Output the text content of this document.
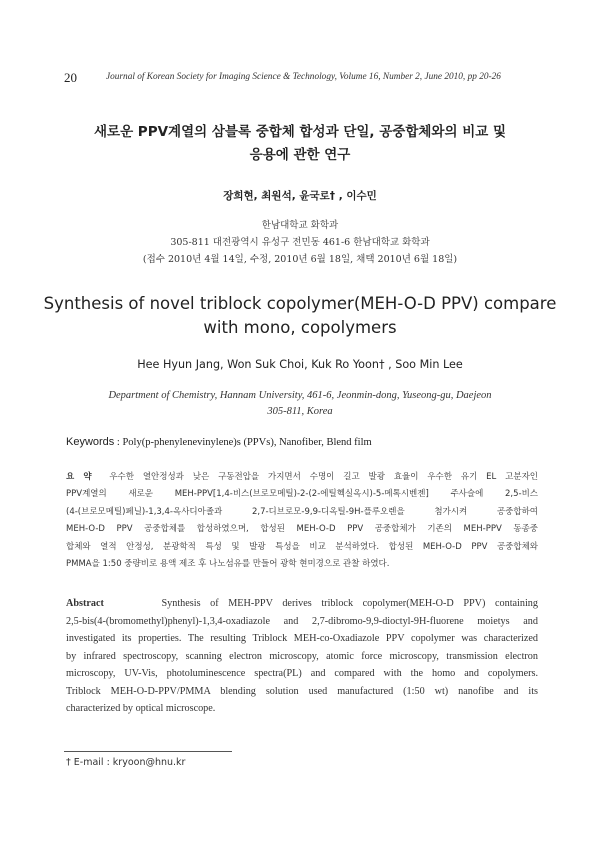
20	Journal of Korean Society for Imaging Science & Technology, Volume 16, Number 2, June 2010, pp 20-26
새로운 PPV계열의 삼블록 중합체 합성과 단일, 공중합체와의 비교 및
응용에 관한 연구
장희현, 최원석, 윤국로† , 이수민
한남대학교 화학과
305-811 대전광역시 유성구 전민동 461-6 한남대학교 화학과
(접수 2010년 4월 14일, 수정, 2010년 6월 18일, 채택 2010년 6월 18일)
Synthesis of novel triblock copolymer(MEH-O-D PPV) compare
with mono, copolymers
Hee Hyun Jang, Won Suk Choi, Kuk Ro Yoon† , Soo Min Lee
Department of Chemistry, Hannam University, 461-6, Jeonmin-dong, Yuseong-gu, Daejeon
305-811, Korea
Keywords : Poly(p-phenylenevinylene)s (PPVs), Nanofiber, Blend film
요 약 우수한 열안정성과 낮은 구동전압을 가지면서 수명이 길고 발광 효율이 우수한 유기 EL 고분자인
PPV계열의 새로운 MEH-PPV[1,4-비스(브로모메틸)-2-(2-에틸헥실옥시)-5-메톡시벤젠] 주사슬에 2,5-비스
(4-(브로모메틸)페닐)-1,3,4-옥사디아졸과 2,7-디브로모-9,9-디옥틸-9H-플루오렌을 첨가시켜 공중합하여
MEH-O-D PPV 공중합체를 합성하였으며, 합성된 MEH-O-D PPV 공중합체가 기존의 MEH-PPV 동종중
합체와 열적 안정성, 분광학적 특성 및 발광 특성을 비교 분석하였다. 합성된 MEH-O-D PPV 공중합체와
PMMA을 1:50 중량비로 용액 제조 후 나노섬유를 만들어 광학 현미경으로 관찰 하였다.
Abstract	Synthesis of MEH-PPV derives triblock copolymer(MEH-O-D PPV) containing
2,5-bis(4-(bromomethyl)phenyl)-1,3,4-oxadiazole and 2,7-dibromo-9,9-dioctyl-9H-fluorene moietys and
investigated its properties. The resulting Triblock MEH-co-Oxadiazole PPV copolymer was characterized
by infrared spectroscopy, scanning electron microscopy, atomic force microscopy, transmission electron
microscopy, UV-Vis, photoluminescence spectra(PL) and compared with the homo and copolymers.
Triblock MEH-O-D-PPV/PMMA blending solution used manufactured (1:50 wt) nanofibe and its
characterized by optical microscope.
† E-mail : kryoon@hnu.kr
